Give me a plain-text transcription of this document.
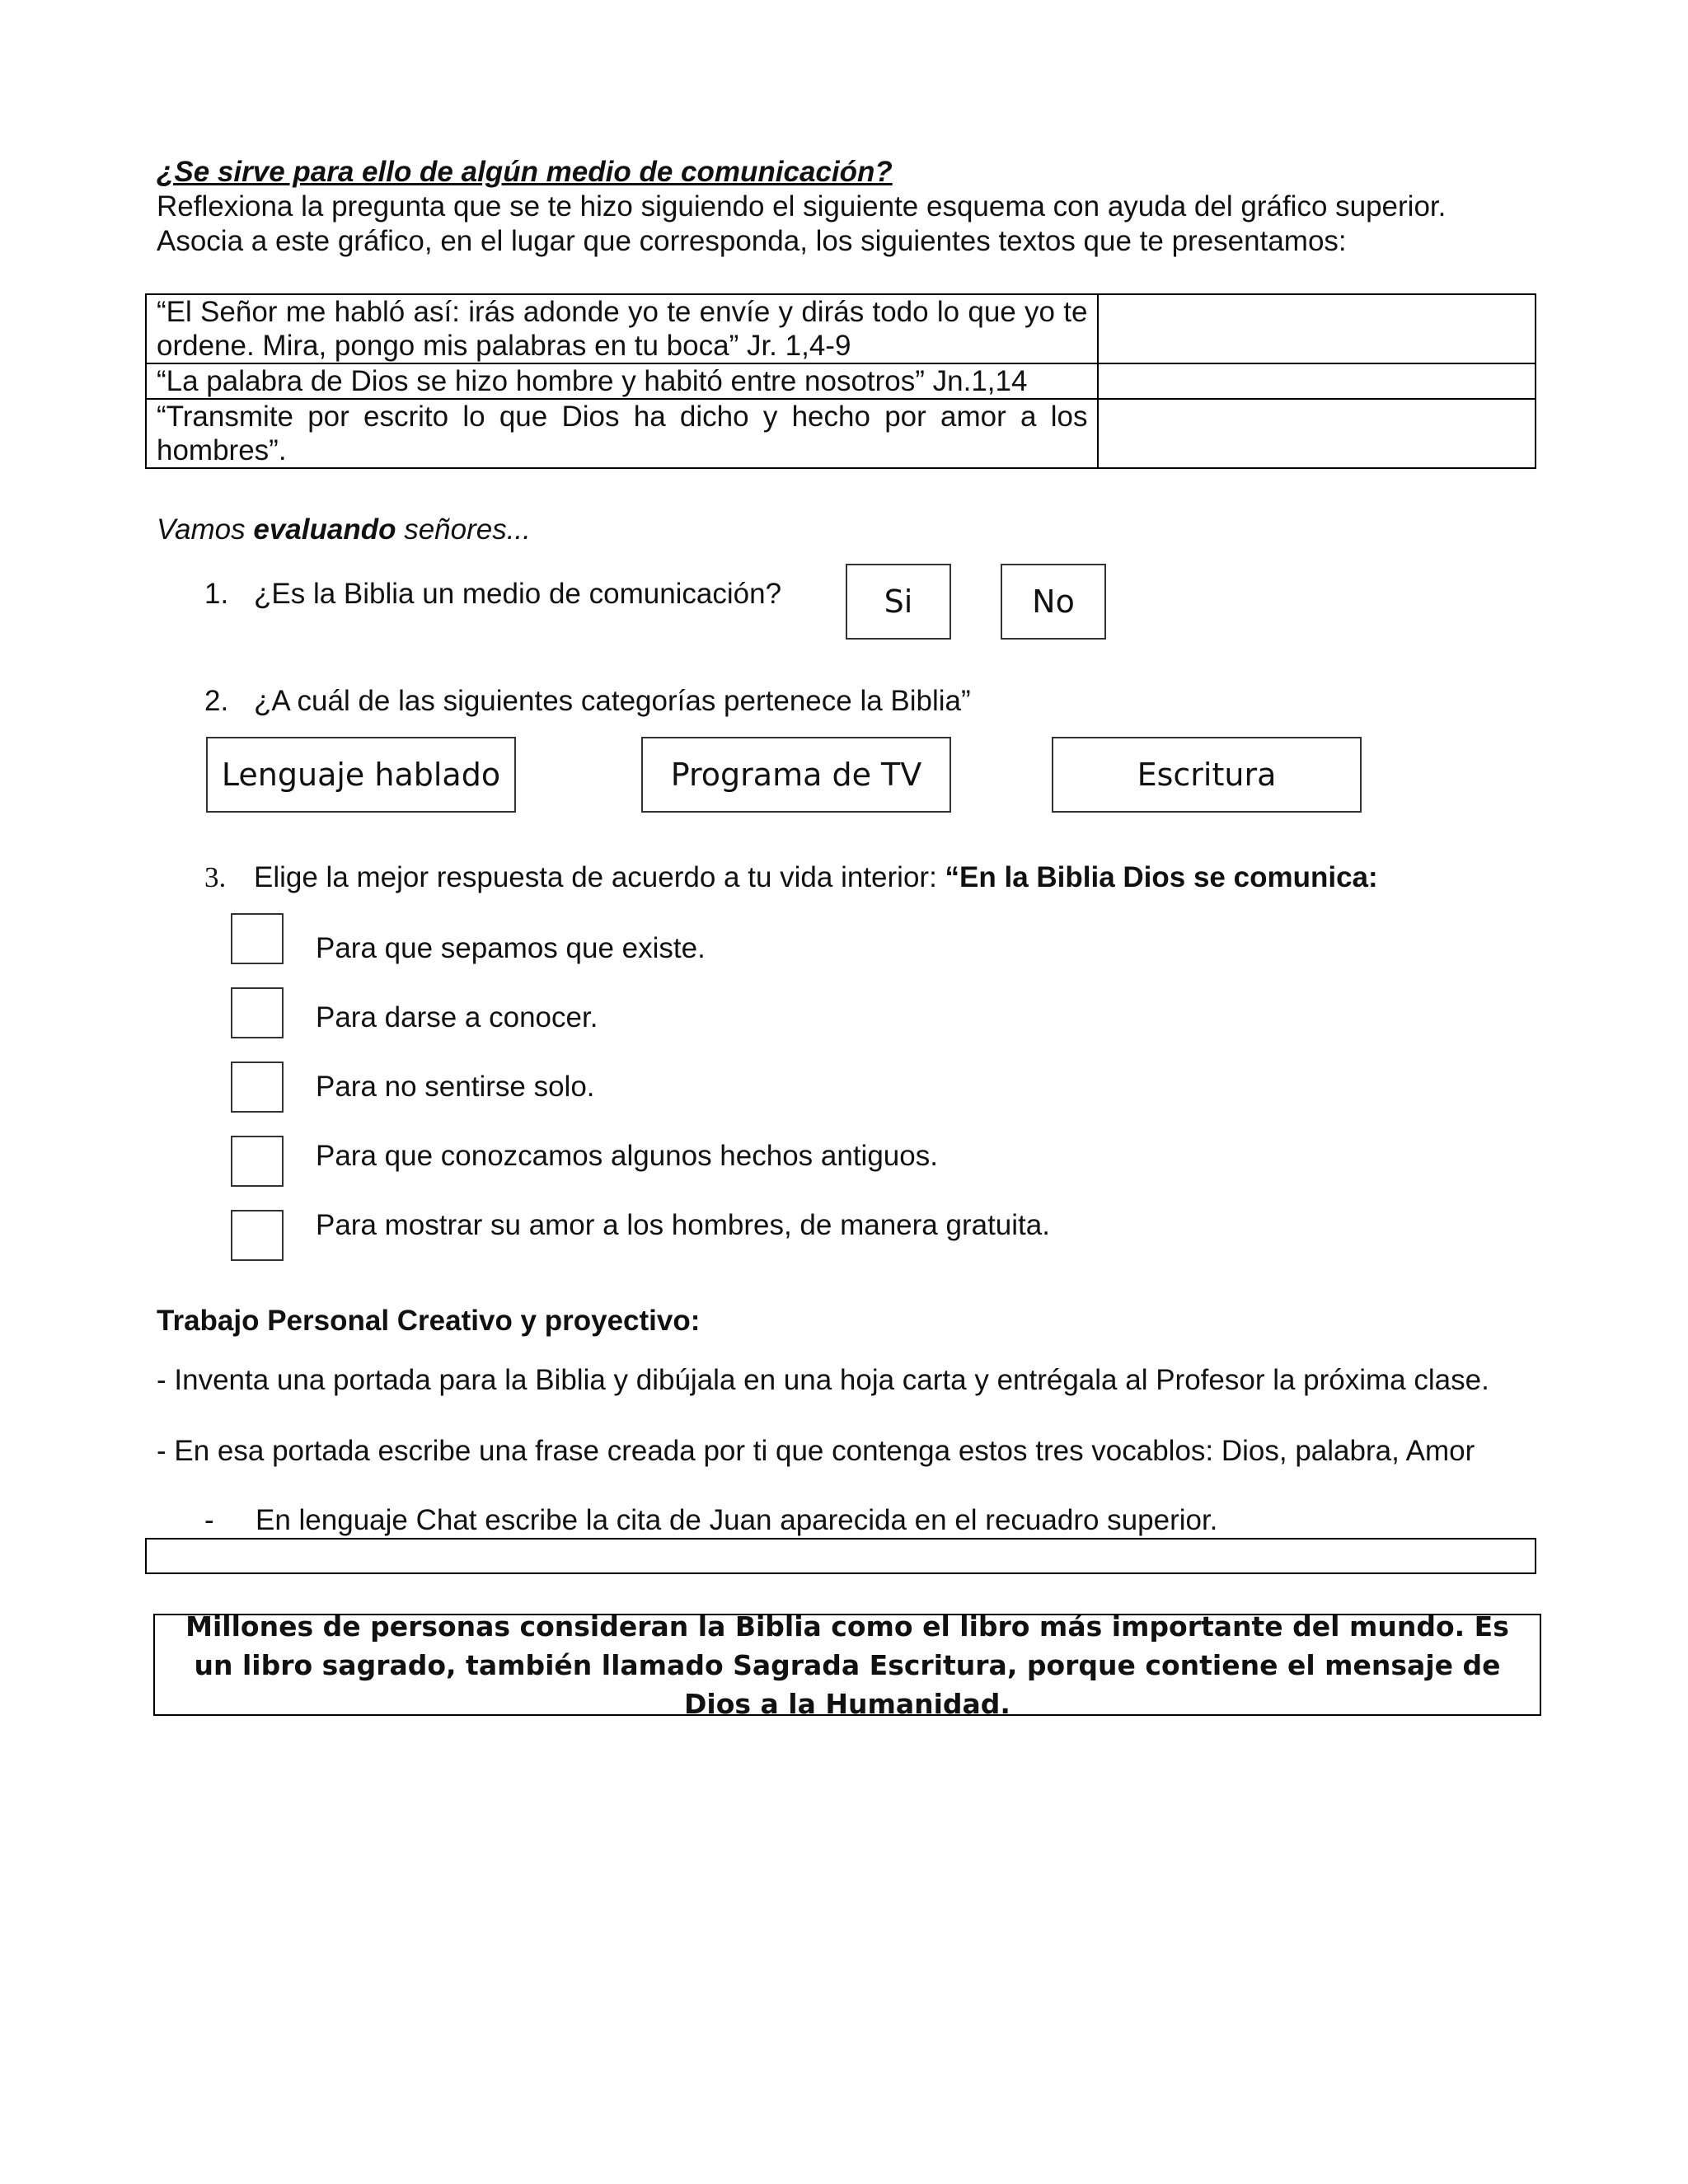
¿Se sirve para ello de algún medio de comunicación?
Reflexiona la pregunta que se te hizo siguiendo el siguiente esquema con ayuda del gráfico superior.
Asocia a este gráfico, en el lugar que corresponda, los siguientes textos que te presentamos:
“El Señor me habló así: irás adonde yo te envíe y dirás todo lo que yo te ordene. Mira, pongo mis palabras en tu boca” Jr. 1,4-9	
“La palabra de Dios se hizo hombre y habitó entre nosotros” Jn.1,14	
“Transmite por escrito lo que Dios ha dicho y hecho por amor a los hombres”.	
Vamos evaluando señores...
1. ¿Es la Biblia un medio de comunicación?	Si	No
2. ¿A cuál de las siguientes categorías pertenece la Biblia”
Lenguaje hablado	Programa de TV	Escritura
3. Elige la mejor respuesta de acuerdo a tu vida interior: “En la Biblia Dios se comunica:
Para que sepamos que existe.
Para darse a conocer.
Para no sentirse solo.
Para que conozcamos algunos hechos antiguos.
Para mostrar su amor a los hombres, de manera gratuita.
Trabajo Personal Creativo y proyectivo:
- Inventa una portada para la Biblia y dibújala en una hoja carta y entrégala al Profesor la próxima clase.
- En esa portada escribe una frase creada por ti que contenga estos tres vocablos: Dios, palabra, Amor
- En lenguaje Chat escribe la cita de Juan aparecida en el recuadro superior.
Millones de personas consideran la Biblia como el libro más importante del mundo. Es un libro sagrado, también llamado Sagrada Escritura, porque contiene el mensaje de Dios a la Humanidad.
